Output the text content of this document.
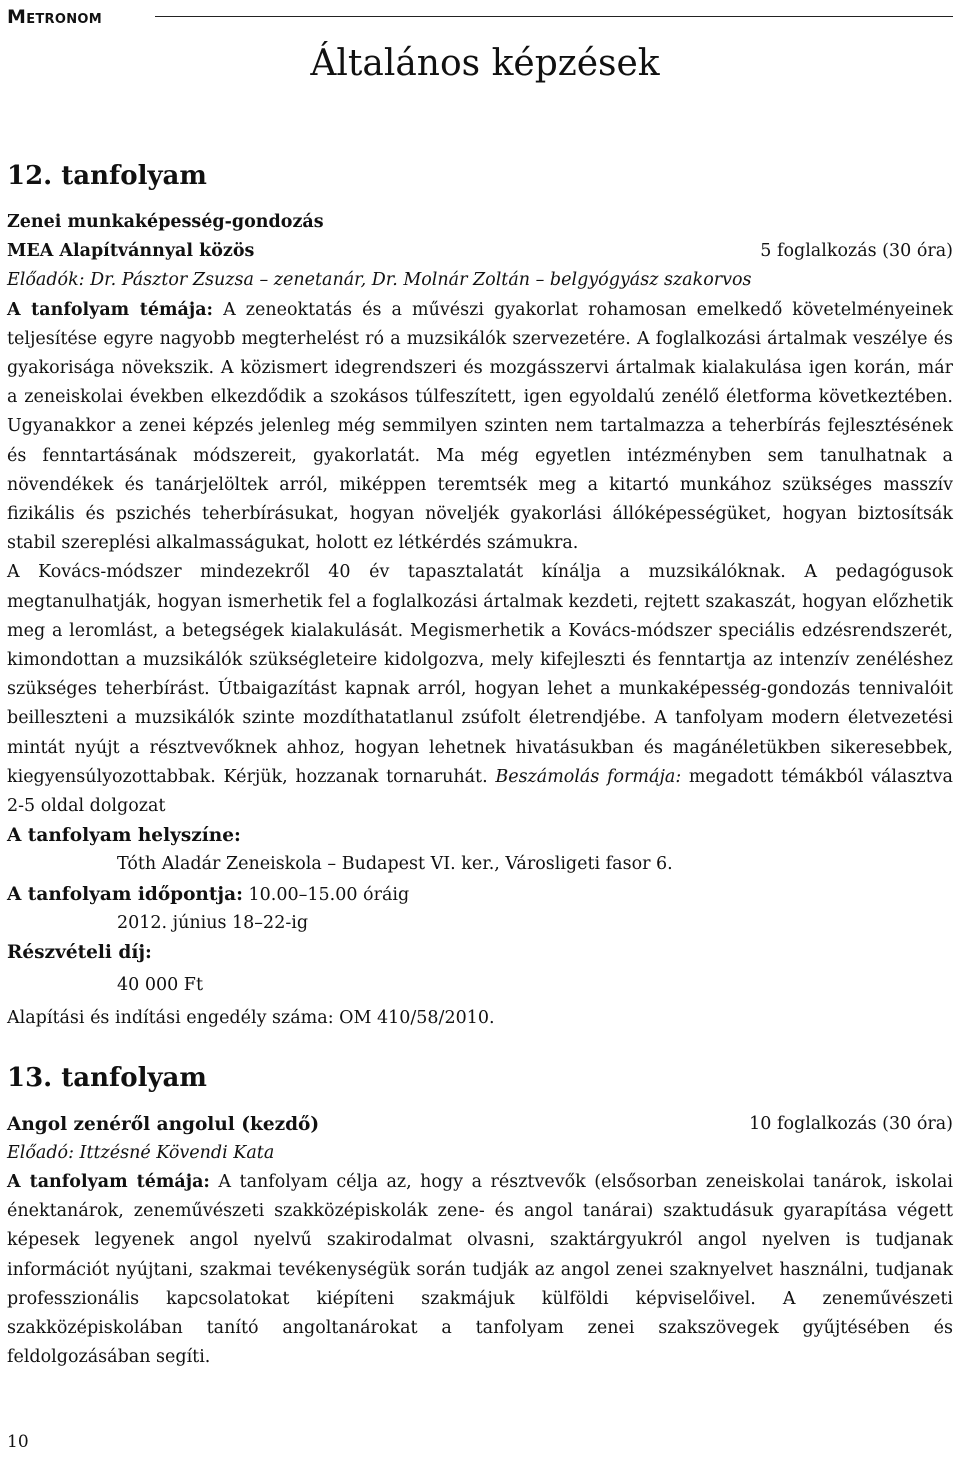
Metronom
Általános képzések
12. tanfolyam
Zenei munkaképesség-gondozás
MEA Alapítvánnyal közös	5 foglalkozás (30 óra)
Előadók: Dr. Pásztor Zsuzsa – zenetanár, Dr. Molnár Zoltán – belgyógyász szakorvos

A tanfolyam témája: A zeneoktatás és a művészi gyakorlat rohamosan emelkedő követelményeinek teljesítése egyre nagyobb megterhelést ró a muzsikálók szervezetére. A foglalkozási ártalmak veszélye és gyakorisága növekszik. A közismert idegrendszeri és mozgásszervi ártalmak kialakulása igen korán, már a zeneiskolai években elkezdődik a szokásos túlfeszített, igen egyoldalú zenélő életforma következtében. Ugyanakkor a zenei képzés jelenleg még semmilyen szinten nem tartalmazza a teherbírás fejlesztésének és fenntartásának módszereit, gyakorlatát. Ma még egyetlen intézményben sem tanulhatnak a növendékek és tanárjelöltek arról, miképpen teremtsék meg a kitartó munkához szükséges masszív fizikális és pszichés teherbírásukat, hogyan növeljék gyakorlási állóképességüket, hogyan biztosítsák stabil szereplési alkalmasságukat, holott ez létkérdés számukra.

A Kovács-módszer mindezekről 40 év tapasztalatát kínálja a muzsikálóknak. A pedagógusok megtanulhatják, hogyan ismerhetik fel a foglalkozási ártalmak kezdeti, rejtett szakaszát, hogyan előzhetik meg a leromlást, a betegségek kialakulását. Megismerhetik a Kovács-módszer speciális edzésrendszerét, kimondottan a muzsikálók szükségleteire kidolgozva, mely kifejleszti és fenntartja az intenzív zenéléshez szükséges teherbírást. Útbaigazítást kapnak arról, hogyan lehet a munkaképesség-gondozás tennivalóit beilleszteni a muzsikálók szinte mozdíthatatlanul zsúfolt életrendjébe. A tanfolyam modern életvezetési mintát nyújt a résztvevőknek ahhoz, hogyan lehetnek hivatásukban és magánéletükben sikeresebbek, kiegyensúlyozottabbak. Kérjük, hozzanak tornaruhát. Beszámolás formája: megadott témákból választva 2-5 oldal dolgozat

A tanfolyam helyszíne:
Tóth Aladár Zeneiskola – Budapest VI. ker., Városligeti fasor 6.
A tanfolyam időpontja: 10.00–15.00 óráig
2012. június 18–22-ig
Részvételi díj:
40 000 Ft
Alapítási és indítási engedély száma: OM 410/58/2010.
13. tanfolyam
Angol zenéről angolul (kezdő)	10 foglalkozás (30 óra)
Előadó: Ittzésné Kövendi Kata

A tanfolyam témája: A tanfolyam célja az, hogy a résztvevők (elsősorban zeneiskolai tanárok, iskolai énektanárok, zeneművészeti szakközépiskolák zene- és angol tanárai) szaktudásuk gyarapítása végett képesek legyenek angol nyelvű szakirodalmat olvasni, szaktárgyukról angol nyelven is tudjanak információt nyújtani, szakmai tevékenységük során tudják az angol zenei szaknyelvet használni, tudjanak professzionális kapcsolatokat kiépíteni szakmájuk külföldi képviselőivel. A zeneművészeti szakközépiskolában tanító angoltanárokat a tanfolyam zenei szakszövegek gyűjtésében és feldolgozásában segíti.

10
